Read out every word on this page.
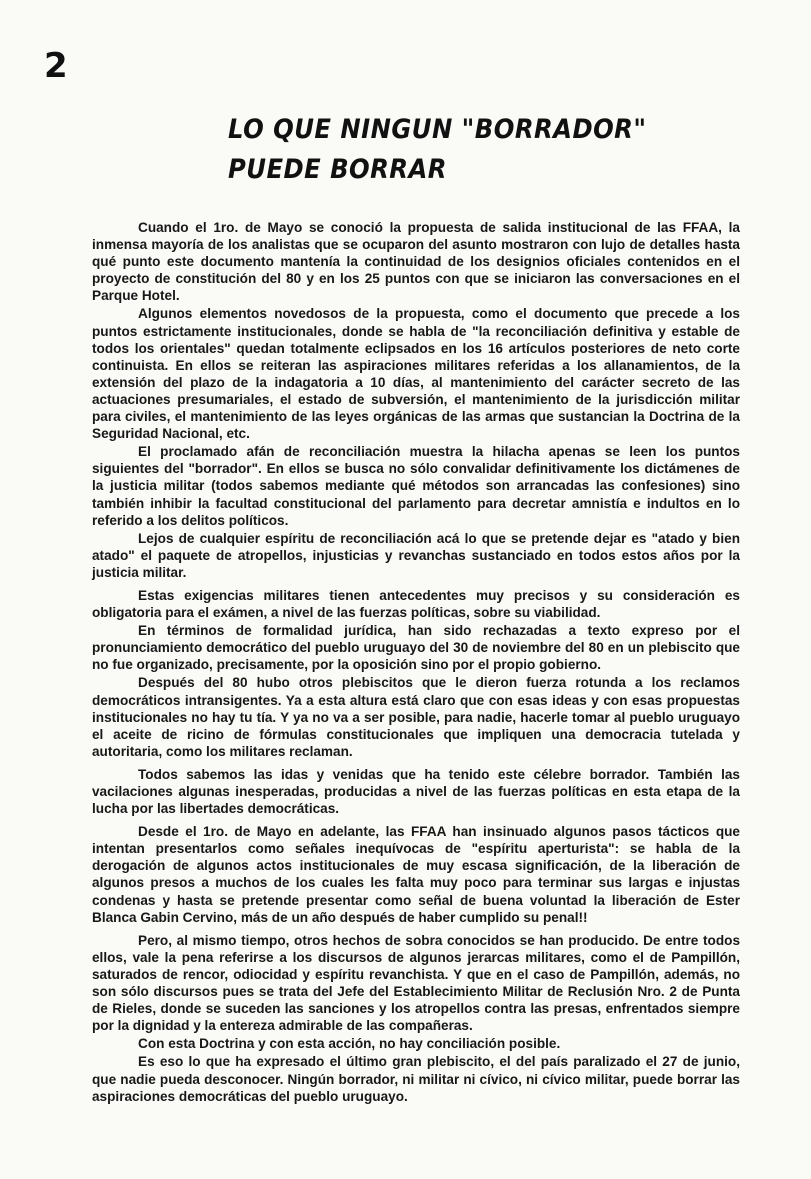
2
LO QUE NINGUN "BORRADOR"
PUEDE BORRAR

Cuando el 1ro. de Mayo se conoció la propuesta de salida institucional de las FFAA, la inmensa mayoría de los analistas que se ocuparon del asunto mostraron con lujo de detalles hasta qué punto este documento mantenía la continuidad de los designios oficiales contenidos en el proyecto de constitución del 80 y en los 25 puntos con que se iniciaron las conversaciones en el Parque Hotel.

Algunos elementos novedosos de la propuesta, como el documento que precede a los puntos estrictamente institucionales, donde se habla de "la reconciliación definitiva y estable de todos los orientales" quedan totalmente eclipsados en los 16 artículos posteriores de neto corte continuista. En ellos se reiteran las aspiraciones militares referidas a los allanamientos, de la extensión del plazo de la indagatoria a 10 días, al mantenimiento del carácter secreto de las actuaciones presumariales, el estado de subversión, el mantenimiento de la jurisdicción militar para civiles, el mantenimiento de las leyes orgánicas de las armas que sustancian la Doctrina de la Seguridad Nacional, etc.

El proclamado afán de reconciliación muestra la hilacha apenas se leen los puntos siguientes del "borrador". En ellos se busca no sólo convalidar definitivamente los dictámenes de la justicia militar (todos sabemos mediante qué métodos son arrancadas las confesiones) sino también inhibir la facultad constitucional del parlamento para decretar amnistía e indultos en lo referido a los delitos políticos.

Lejos de cualquier espíritu de reconciliación acá lo que se pretende dejar es "atado y bien atado" el paquete de atropellos, injusticias y revanchas sustanciado en todos estos años por la justicia militar.

Estas exigencias militares tienen antecedentes muy precisos y su consideración es obligatoria para el exámen, a nivel de las fuerzas políticas, sobre su viabilidad.

En términos de formalidad jurídica, han sido rechazadas a texto expreso por el pronunciamiento democrático del pueblo uruguayo del 30 de noviembre del 80 en un plebiscito que no fue organizado, precisamente, por la oposición sino por el propio gobierno.

Después del 80 hubo otros plebiscitos que le dieron fuerza rotunda a los reclamos democráticos intransigentes. Ya a esta altura está claro que con esas ideas y con esas propuestas institucionales no hay tu tía. Y ya no va a ser posible, para nadie, hacerle tomar al pueblo uruguayo el aceite de ricino de fórmulas constitucionales que impliquen una democracia tutelada y autoritaria, como los militares reclaman.

Todos sabemos las idas y venidas que ha tenido este célebre borrador. También las vacilaciones algunas inesperadas, producidas a nivel de las fuerzas políticas en esta etapa de la lucha por las libertades democráticas.

Desde el 1ro. de Mayo en adelante, las FFAA han insinuado algunos pasos tácticos que intentan presentarlos como señales inequívocas de "espíritu aperturista": se habla de la derogación de algunos actos institucionales de muy escasa significación, de la liberación de algunos presos a muchos de los cuales les falta muy poco para terminar sus largas e injustas condenas y hasta se pretende presentar como señal de buena voluntad la liberación de Ester Blanca Gabin Cervino, más de un año después de haber cumplido su penal!!

Pero, al mismo tiempo, otros hechos de sobra conocidos se han producido. De entre todos ellos, vale la pena referirse a los discursos de algunos jerarcas militares, como el de Pampillón, saturados de rencor, odiocidad y espíritu revanchista. Y que en el caso de Pampillón, además, no son sólo discursos pues se trata del Jefe del Establecimiento Militar de Reclusión Nro. 2 de Punta de Rieles, donde se suceden las sanciones y los atropellos contra las presas, enfrentados siempre por la dignidad y la entereza admirable de las compañeras.

Con esta Doctrina y con esta acción, no hay conciliación posible.

Es eso lo que ha expresado el último gran plebiscito, el del país paralizado el 27 de junio, que nadie pueda desconocer. Ningún borrador, ni militar ni cívico, ni cívico militar, puede borrar las aspiraciones democráticas del pueblo uruguayo.
